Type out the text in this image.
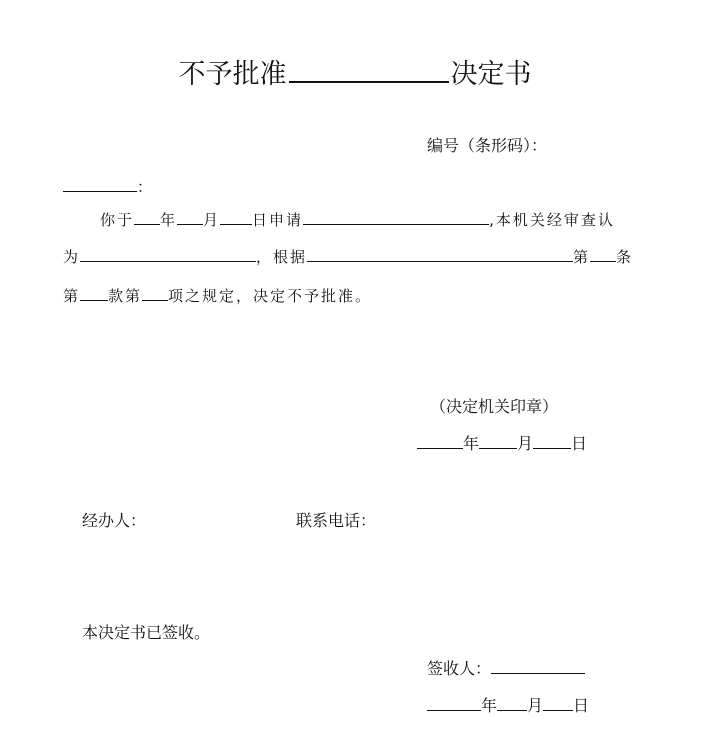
不予批准	决定书
编号（条形码）：
：
你于 年 月 日申请	,本机关经审查认
为	，根据	第 条
第 款第 项之规定，决定不予批准。
（决定机关印章）
年 月 日
经办人：	联系电话：
本决定书已签收。
签收人：
年 月 日
